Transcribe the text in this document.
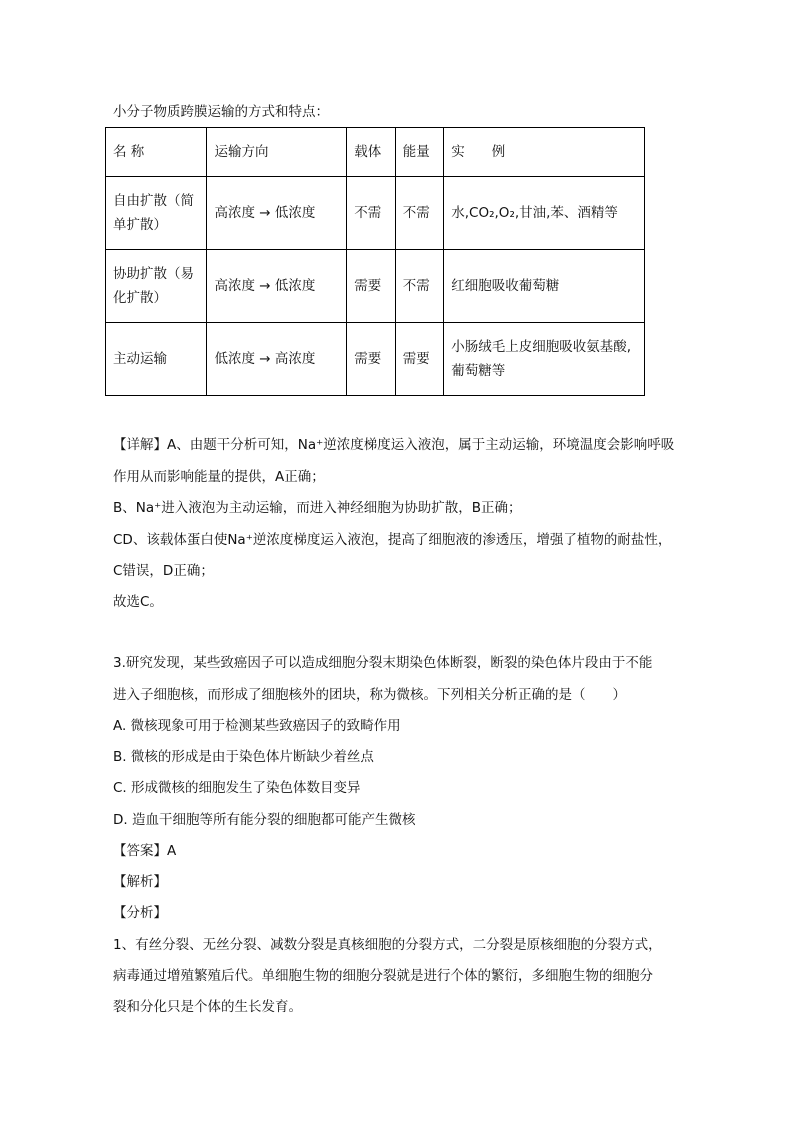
小分子物质跨膜运输的方式和特点：
名 称	运输方向	载体	能量	实　　例
自由扩散（简单扩散）	高浓度 → 低浓度	不需	不需	水,CO₂,O₂,甘油,苯、酒精等
协助扩散（易化扩散）	高浓度 → 低浓度	需要	不需	红细胞吸收葡萄糖
主动运输	低浓度 → 高浓度	需要	需要	小肠绒毛上皮细胞吸收氨基酸,葡萄糖等
【详解】A、由题干分析可知，Na⁺逆浓度梯度运入液泡，属于主动运输，环境温度会影响呼吸
作用从而影响能量的提供，A正确；
B、Na⁺进入液泡为主动运输，而进入神经细胞为协助扩散，B正确；
CD、该载体蛋白使Na⁺逆浓度梯度运入液泡，提高了细胞液的渗透压，增强了植物的耐盐性，
C错误，D正确；
故选C。
3.研究发现，某些致癌因子可以造成细胞分裂末期染色体断裂，断裂的染色体片段由于不能
进入子细胞核，而形成了细胞核外的团块，称为微核。下列相关分析正确的是（　　）
A. 微核现象可用于检测某些致癌因子的致畸作用
B. 微核的形成是由于染色体片断缺少着丝点
C. 形成微核的细胞发生了染色体数目变异
D. 造血干细胞等所有能分裂的细胞都可能产生微核
【答案】A
【解析】
【分析】
1、有丝分裂、无丝分裂、减数分裂是真核细胞的分裂方式，二分裂是原核细胞的分裂方式，
病毒通过增殖繁殖后代。单细胞生物的细胞分裂就是进行个体的繁衍，多细胞生物的细胞分
裂和分化只是个体的生长发育。
